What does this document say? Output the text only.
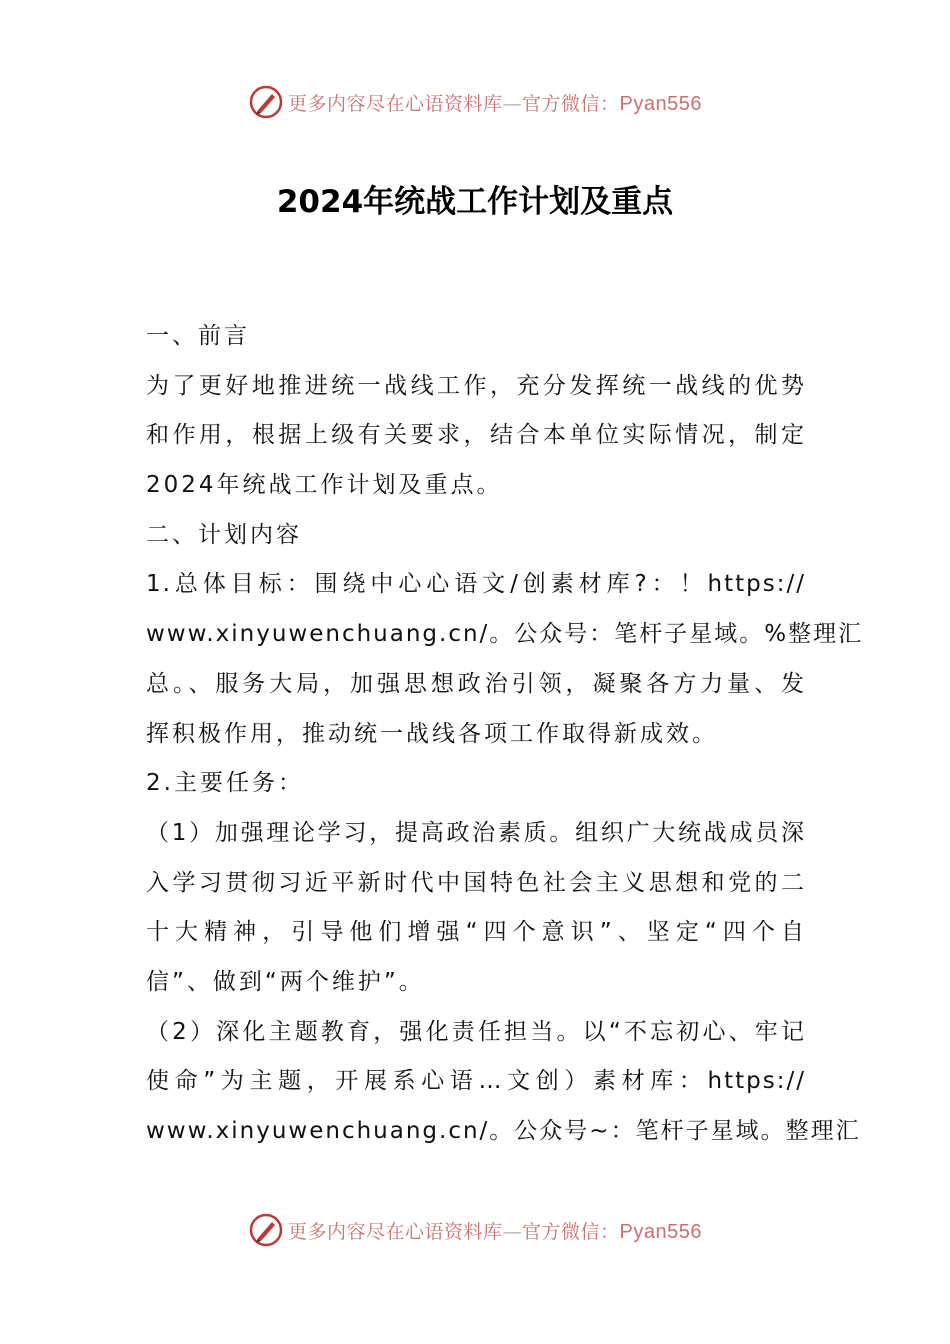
更多内容尽在心语资料库—官方微信：Pyan556
2024年统战工作计划及重点
一、前言
为了更好地推进统一战线工作，充分发挥统一战线的优势
和作用，根据上级有关要求，结合本单位实际情况，制定
2024年统战工作计划及重点。
二、计划内容
1.总体目标：围绕中心心语文/创素材库?：！https://
www.xinyuwenchuang.cn/。公众号：笔杆子星域。%整理汇
总。、服务大局，加强思想政治引领，凝聚各方力量、发
挥积极作用，推动统一战线各项工作取得新成效。
2.主要任务：
（1）加强理论学习，提高政治素质。组织广大统战成员深
入学习贯彻习近平新时代中国特色社会主义思想和党的二
十大精神，引导他们增强“四个意识”、坚定“四个自
信”、做到“两个维护”。
（2）深化主题教育，强化责任担当。以“不忘初心、牢记
使命”为主题，开展系心语…文创）素材库：https://
www.xinyuwenchuang.cn/。公众号~：笔杆子星域。整理汇
更多内容尽在心语资料库—官方微信：Pyan556
